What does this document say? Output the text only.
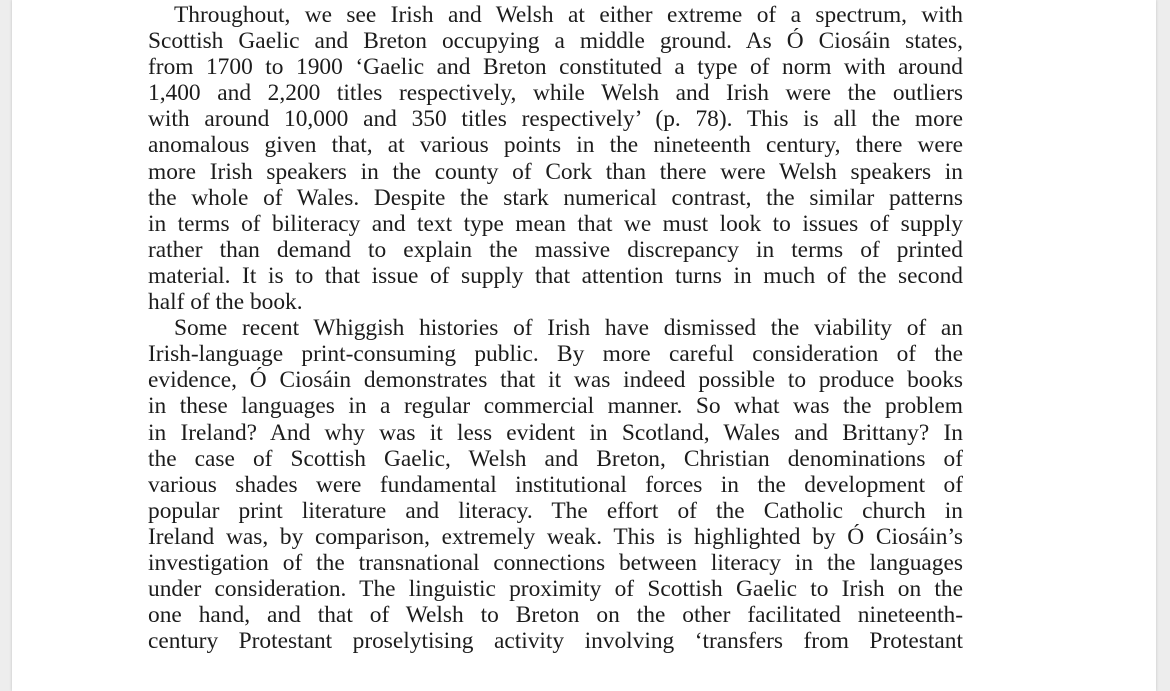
Throughout, we see Irish and Welsh at either extreme of a spectrum, with
Scottish Gaelic and Breton occupying a middle ground. As Ó Ciosáin states,
from 1700 to 1900 ‘Gaelic and Breton constituted a type of norm with around
1,400 and 2,200 titles respectively, while Welsh and Irish were the outliers
with around 10,000 and 350 titles respectively’ (p. 78). This is all the more
anomalous given that, at various points in the nineteenth century, there were
more Irish speakers in the county of Cork than there were Welsh speakers in
the whole of Wales. Despite the stark numerical contrast, the similar patterns
in terms of biliteracy and text type mean that we must look to issues of supply
rather than demand to explain the massive discrepancy in terms of printed
material. It is to that issue of supply that attention turns in much of the second
half of the book.
Some recent Whiggish histories of Irish have dismissed the viability of an
Irish-language print-consuming public. By more careful consideration of the
evidence, Ó Ciosáin demonstrates that it was indeed possible to produce books
in these languages in a regular commercial manner. So what was the problem
in Ireland? And why was it less evident in Scotland, Wales and Brittany? In
the case of Scottish Gaelic, Welsh and Breton, Christian denominations of
various shades were fundamental institutional forces in the development of
popular print literature and literacy. The effort of the Catholic church in
Ireland was, by comparison, extremely weak. This is highlighted by Ó Ciosáin’s
investigation of the transnational connections between literacy in the languages
under consideration. The linguistic proximity of Scottish Gaelic to Irish on the
one hand, and that of Welsh to Breton on the other facilitated nineteenth-
century Protestant proselytising activity involving ‘transfers from Protestant
